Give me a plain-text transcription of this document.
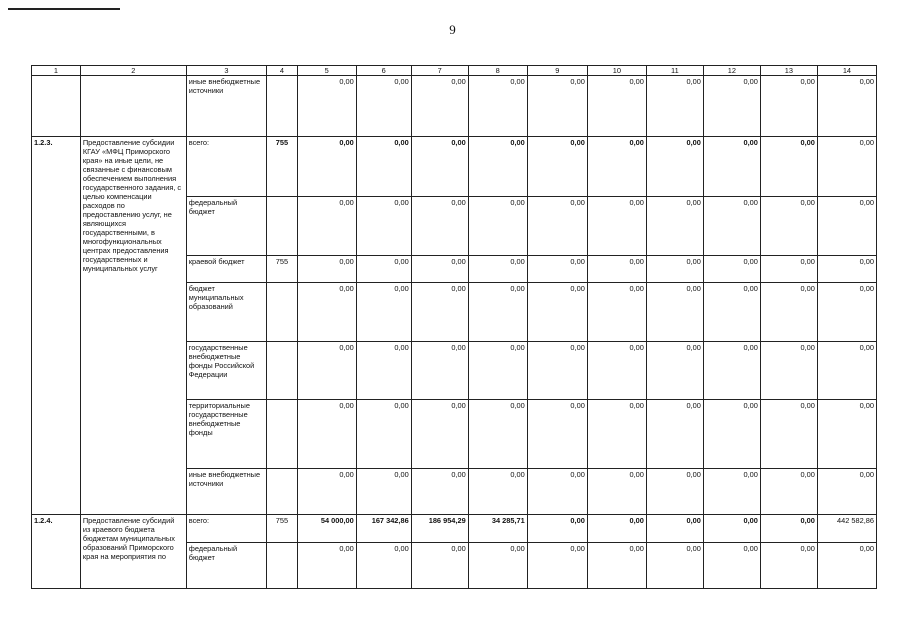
9
1	2	3	4	5	6	7	8	9	10	11	12	13	14
		иные внебюджетные источники		0,00	0,00	0,00	0,00	0,00	0,00	0,00	0,00	0,00	0,00
1.2.3.	Предоставление субсидии КГАУ «МФЦ Приморского края» на иные цели, не связанные с финансовым обеспечением выполнения государственного задания, с целью компенсации расходов по предоставлению услуг, не являющихся государственными, в многофункциональных центрах предоставления государственных и муниципальных услуг	всего:	755	0,00	0,00	0,00	0,00	0,00	0,00	0,00	0,00	0,00	0,00
		федеральный бюджет		0,00	0,00	0,00	0,00	0,00	0,00	0,00	0,00	0,00	0,00
		краевой бюджет	755	0,00	0,00	0,00	0,00	0,00	0,00	0,00	0,00	0,00	0,00
		бюджет муниципальных образований		0,00	0,00	0,00	0,00	0,00	0,00	0,00	0,00	0,00	0,00
		государственные внебюджетные фонды Российской Федерации		0,00	0,00	0,00	0,00	0,00	0,00	0,00	0,00	0,00	0,00
		территориальные государственные внебюджетные фонды		0,00	0,00	0,00	0,00	0,00	0,00	0,00	0,00	0,00	0,00
		иные внебюджетные источники		0,00	0,00	0,00	0,00	0,00	0,00	0,00	0,00	0,00	0,00
1.2.4.	Предоставление субсидий из краевого бюджета бюджетам муниципальных образований Приморского края на мероприятия по	всего:	755	54 000,00	167 342,86	186 954,29	34 285,71	0,00	0,00	0,00	0,00	0,00	442 582,86
		федеральный бюджет		0,00	0,00	0,00	0,00	0,00	0,00	0,00	0,00	0,00	0,00
